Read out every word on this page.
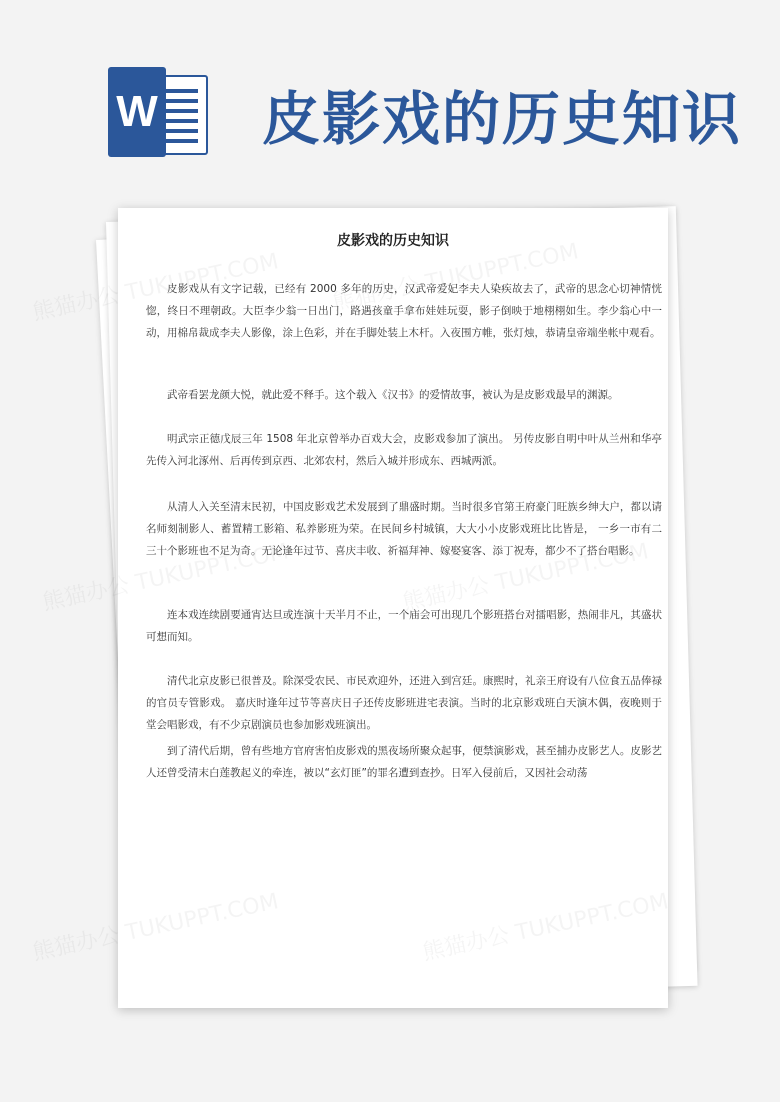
W 皮影戏的历史知识
皮影戏的历史知识

皮影戏从有文字记载，已经有 2000 多年的历史，汉武帝爱妃李夫人染疾故去了，武帝的思念心切神情恍惚，终日不理朝政。大臣李少翁一日出门，路遇孩童手拿布娃娃玩耍，影子倒映于地栩栩如生。李少翁心中一动，用棉帛裁成李夫人影像，涂上色彩，并在手脚处装上木杆。入夜围方帷，张灯烛，恭请皇帝端坐帐中观看。

武帝看罢龙颜大悦，就此爱不释手。这个载入《汉书》的爱情故事，被认为是皮影戏最早的渊源。

明武宗正德戊辰三年 1508 年北京曾举办百戏大会，皮影戏参加了演出。 另传皮影自明中叶从兰州和华亭先传入河北涿州、后再传到京西、北郊农村，然后入城并形成东、西城两派。

从清人入关至清末民初，中国皮影戏艺术发展到了鼎盛时期。当时很多官第王府豪门旺族乡绅大户，都以请名师刻制影人、蓄置精工影箱、私养影班为荣。在民间乡村城镇，大大小小皮影戏班比比皆是， 一乡一市有二三十个影班也不足为奇。无论逢年过节、喜庆丰收、祈福拜神、嫁娶宴客、添丁祝寿，都少不了搭台唱影。

连本戏连续剧要通宵达旦或连演十天半月不止，一个庙会可出现几个影班搭台对擂唱影，热闹非凡，其盛状可想而知。

清代北京皮影已很普及。除深受农民、市民欢迎外，还进入到宫廷。康熙时，礼亲王府设有八位食五品俸禄的官员专管影戏。 嘉庆时逢年过节等喜庆日子还传皮影班进宅表演。当时的北京影戏班白天演木偶，夜晚则于堂会唱影戏，有不少京剧演员也参加影戏班演出。

到了清代后期，曾有些地方官府害怕皮影戏的黑夜场所聚众起事，便禁演影戏，甚至捕办皮影艺人。皮影艺人还曾受清末白莲教起义的牵连，被以“玄灯匪”的罪名遭到查抄。日军入侵前后，又因社会动荡
